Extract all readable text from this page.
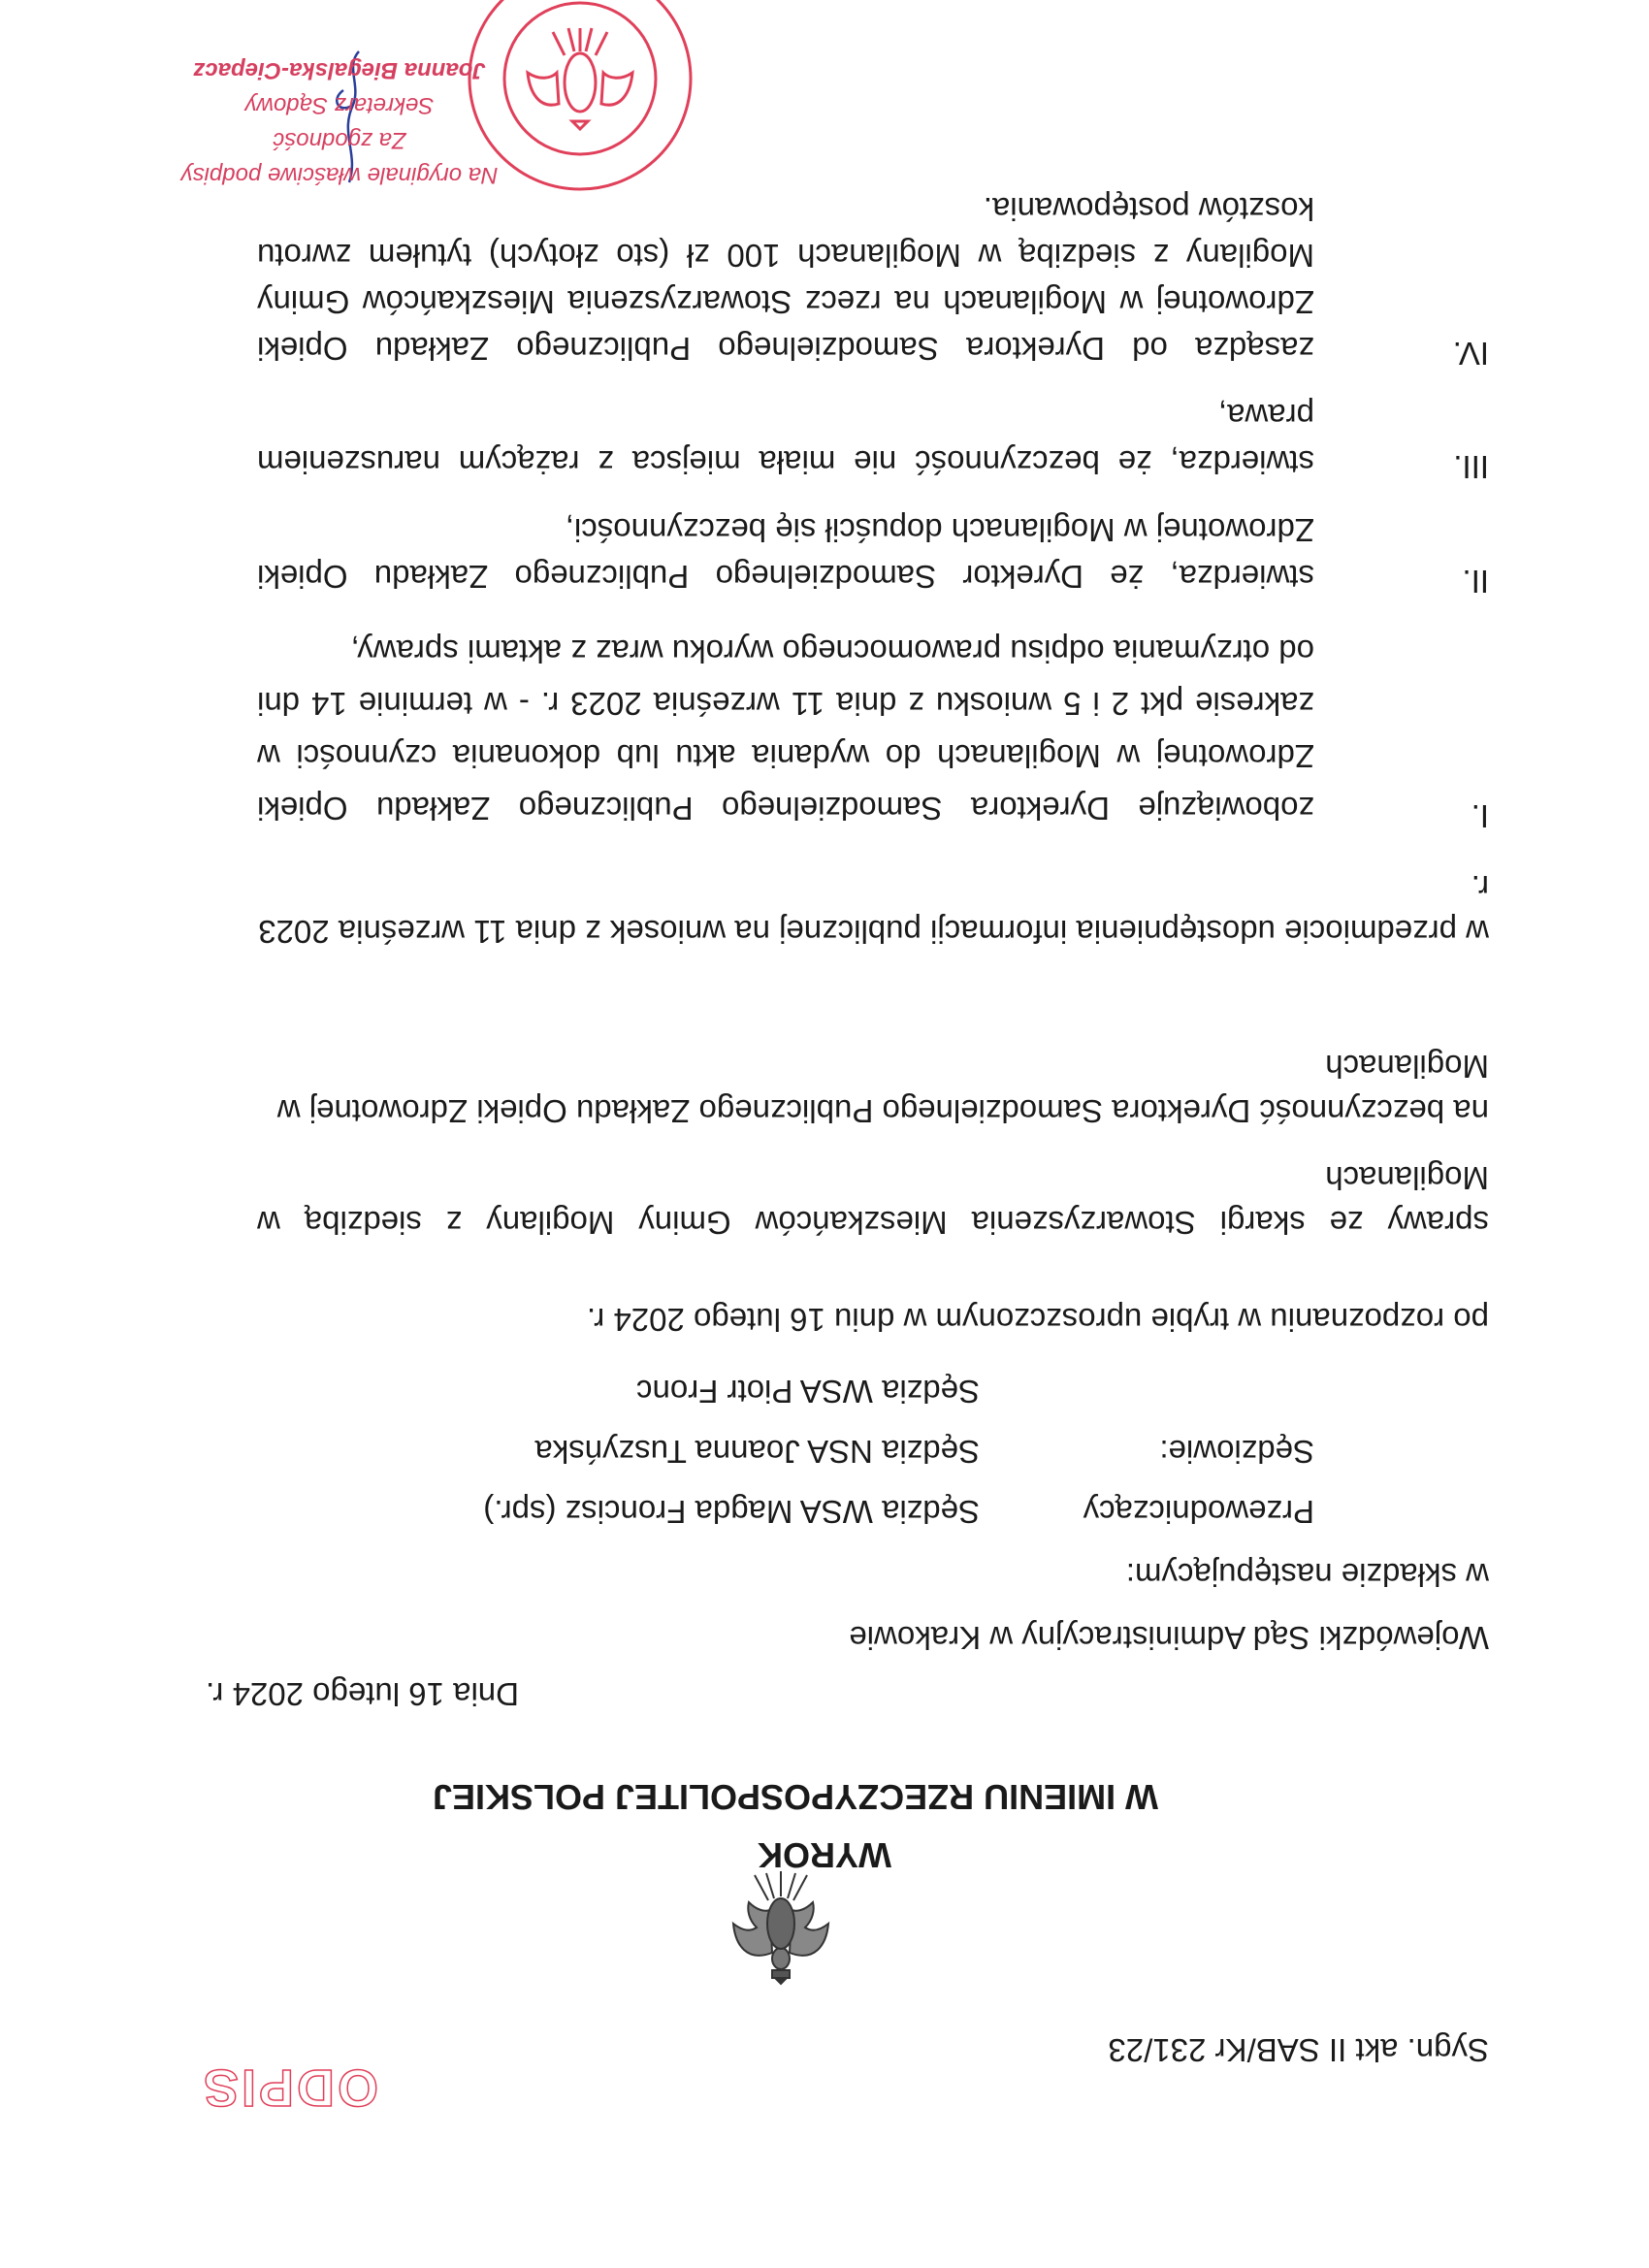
ODPIS
Sygn. akt II SAB/Kr 231/23
WYROK
W IMIENIU RZECZYPOSPOLITEJ POLSKIEJ
Dnia 16 lutego 2024 r.
Wojewódzki Sąd Administracyjny w Krakowie
w składzie następującym:
Przewodniczący
Sędzia WSA Magda Froncisz (spr.)
Sędziowie:
Sędzia NSA Joanna Tuszyńska
Sędzia WSA Piotr Fronc
po rozpoznaniu w trybie uproszczonym w dniu 16 lutego 2024 r.
sprawy ze skargi Stowarzyszenia Mieszkańców Gminy Mogilany z siedzibą w Mogilanach
na bezczynność Dyrektora Samodzielnego Publicznego Zakładu Opieki Zdrowotnej w Mogilanach
w przedmiocie udostępnienia informacji publicznej na wniosek z dnia 11 września 2023 r.
I.
zobowiązuje Dyrektora Samodzielnego Publicznego Zakładu Opieki Zdrowotnej w Mogilanach do wydania aktu lub dokonania czynności w zakresie pkt 2 i 5 wniosku z dnia 11 września 2023 r. - w terminie 14 dni od otrzymania odpisu prawomocnego wyroku wraz z aktami sprawy,
II.
stwierdza, że Dyrektor Samodzielnego Publicznego Zakładu Opieki Zdrowotnej w Mogilanach dopuścił się bezczynności,
III.
stwierdza, że bezczynność nie miała miejsca z rażącym naruszeniem prawa,
IV.
zasądza od Dyrektora Samodzielnego Publicznego Zakładu Opieki Zdrowotnej w Mogilanach na rzecz Stowarzyszenia Mieszkańców Gminy Mogilany z siedzibą w Mogilanach 100 zł (sto złotych) tytułem zwrotu kosztów postępowania.
Na oryginale właściwe podpisy
Za zgodność
Sekretarz Sądowy
Joanna Biegalska-Ciepacz
